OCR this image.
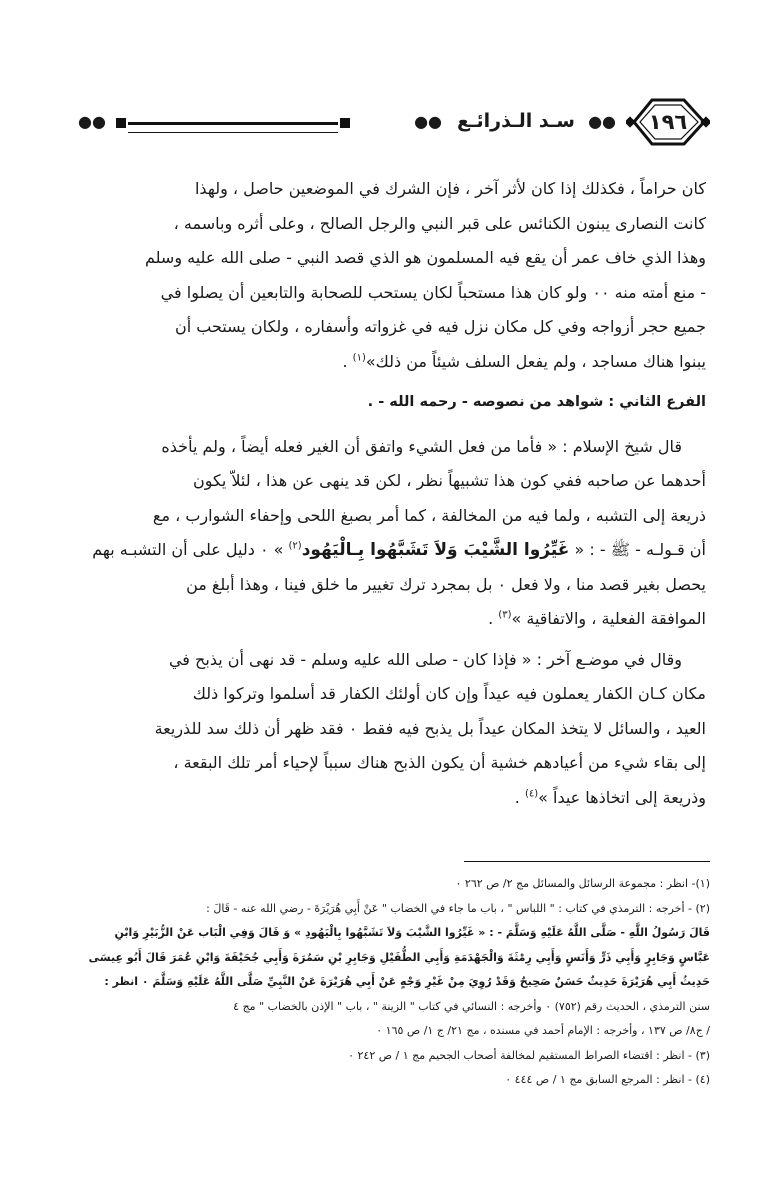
١٩٦
●●
سـد الـذرائـع
●●
●●

كان حراماً ، فكذلك إذا كان لأثر آخر ، فإن الشرك في الموضعين حاصل ، ولهذا

كانت النصارى يبنون الكنائس على قبر النبي والرجل الصالح ، وعلى أثره وباسمه ،

وهذا الذي خاف عمر أن يقع فيه المسلمون هو الذي قصد النبي - صلى الله عليه وسلم

- منع أمته منه ٠٠ ولو كان هذا مستحباً لكان يستحب للصحابة والتابعين أن يصلوا في

جميع حجر أزواجه وفي كل مكان نزل فيه في غزواته وأسفاره ، ولكان يستحب أن

يبنوا هناك مساجد ، ولم يفعل السلف شيئاً من ذلك»$^{(١)}$ .

الفرع الثاني : شواهد من نصوصه - رحمه الله - .

قال شيخ الإسلام : « فأما من فعل الشيء واتفق أن الغير فعله أيضاً ، ولم يأخذه

أحدهما عن صاحبه ففي كون هذا تشبيهاً نظر ، لكن قد ينهى عن هذا ، لئلاّ يكون

ذريعة إلى التشبه ، ولما فيه من المخالفة ، كما أمر بصبغ اللحى وإحفاء الشوارب ، مع

أن قـولـه - ﷺ - : « غَيِّرُوا الشَّيْبَ وَلاَ تَشَبَّهُوا بِـالْيَهُود$^{(٢)}$ » ٠ دليل على أن التشبـه بهم

يحصل بغير قصد منا ، ولا فعل ٠ بل بمجرد ترك تغيير ما خلق فينا ، وهذا أبلغ من

الموافقة الفعلية ، والاتفاقية »$^{(٣)}$ .

وقال في موضـع آخر : « فإذا كان - صلى الله عليه وسلم - قد نهى أن يذبح في

مكان كـان الكفار يعملون فيه عيداً وإن كان أولئك الكفار قد أسلموا وتركوا ذلك

العيد ، والسائل لا يتخذ المكان عيداً بل يذبح فيه فقط ٠ فقد ظهر أن ذلك سد للذريعة

إلى بقاء شيء من أعيادهم خشية أن يكون الذبح هناك سبباً لإحياء أمر تلك البقعة ،

وذريعة إلى اتخاذها عيداً »$^{(٤)}$ .

(١)- انظر : مجموعة الرسائل والمسائل مج ٢/ ص ٢٦٢ ٠

(٢) - أخرجه : الترمذي في كتاب : " اللباس " ، باب ما جاء في الخضاب " عَنْ أَبِي هُرَيْرَةَ - رضي الله عنه - قَالَ :

قَالَ رَسُولُ اللَّهِ - صَلَّى اللَّهُ عَلَيْهِ وَسَلَّمَ - : « غَيِّرُوا الشَّيْبَ وَلاَ تَشَبَّهُوا بِالْيَهُودِ » وَ قَالَ وَفِي الْبَاب عَنْ الزُّبَيْرِ وَابْنِ

عَبَّاسٍ وَجَابِرٍ وَأَبِي ذَرٍّ وَأَنَسٍ وَأَبِي رِمْثَةَ وَالْجَهْدَمَةِ وَأَبِي الطُّفَيْلِ وَجَابِرِ بْنِ سَمُرَةَ وَأَبِي جُحَيْفَةَ وَابْنِ عُمَرَ قَالَ أَبُو عِيسَى

حَدِيثُ أَبِي هُرَيْرَةَ حَدِيثٌ حَسَنٌ صَحِيحٌ وَقَدْ رُوِيَ مِنْ غَيْرِ وَجْهٍ عَنْ أَبِي هُرَيْرَةَ عَنْ النَّبِيِّ صَلَّى اللَّهُ عَلَيْهِ وَسَلَّمَ ٠ انظر :

سنن الترمذي ، الحديث رقم (٧٥٢) ٠ وأخرجه : النسائي في كتاب " الزينة " ، باب " الإذن بالخضاب " مج ٤

/ ج٨/ ص ١٣٧ ، وأخرجه : الإمام أحمد في مسنده ، مج ٢١/ ج ١/ ص ١٦٥ ٠

(٣) - انظر : اقتضاء الصراط المستقيم لمخالفة أصحاب الجحيم مج ١ / ص ٢٤٢ ٠

(٤) - انظر : المرجع السابق مج ١ / ص ٤٤٤ ٠
